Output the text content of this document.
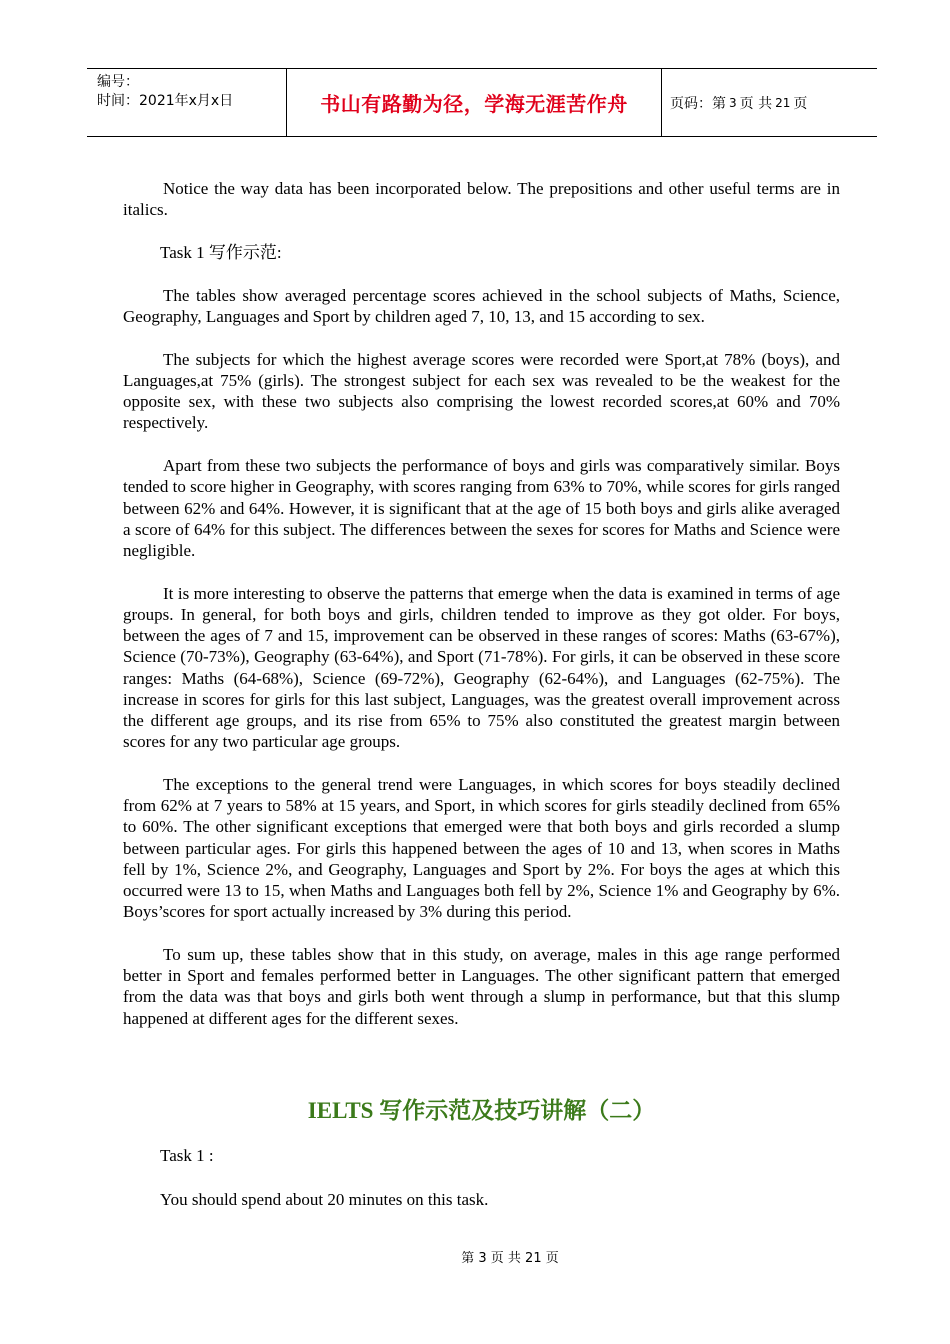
编号：
时间：2021年x月x日	书山有路勤为径，学海无涯苦作舟	页码：第 3 页 共 21 页

Notice the way data has been incorporated below. The prepositions and other useful terms are in italics.

Task 1 写作示范:

The tables show averaged percentage scores achieved in the school subjects of Maths, Science, Geography, Languages and Sport by children aged 7, 10, 13, and 15 according to sex.

The subjects for which the highest average scores were recorded were Sport,at 78% (boys), and Languages,at 75% (girls). The strongest subject for each sex was revealed to be the weakest for the opposite sex, with these two subjects also comprising the lowest recorded scores,at 60% and 70% respectively.

Apart from these two subjects the performance of boys and girls was comparatively similar. Boys tended to score higher in Geography, with scores ranging from 63% to 70%, while scores for girls ranged between 62% and 64%. However, it is significant that at the age of 15 both boys and girls alike averaged a score of 64% for this subject. The differences between the sexes for scores for Maths and Science were negligible.

It is more interesting to observe the patterns that emerge when the data is examined in terms of age groups. In general, for both boys and girls, children tended to improve as they got older. For boys, between the ages of 7 and 15, improvement can be observed in these ranges of scores: Maths (63-67%), Science (70-73%), Geography (63-64%), and Sport (71-78%). For girls, it can be observed in these score ranges: Maths (64-68%), Science (69-72%), Geography (62-64%), and Languages (62-75%). The increase in scores for girls for this last subject, Languages, was the greatest overall improvement across the different age groups, and its rise from 65% to 75% also constituted the greatest margin between scores for any two particular age groups.

The exceptions to the general trend were Languages, in which scores for boys steadily declined from 62% at 7 years to 58% at 15 years, and Sport, in which scores for girls steadily declined from 65% to 60%. The other significant exceptions that emerged were that both boys and girls recorded a slump between particular ages. For girls this happened between the ages of 10 and 13, when scores in Maths fell by 1%, Science 2%, and Geography, Languages and Sport by 2%. For boys the ages at which this occurred were 13 to 15, when Maths and Languages both fell by 2%, Science 1% and Geography by 6%. Boys’scores for sport actually increased by 3% during this period.

To sum up, these tables show that in this study, on average, males in this age range performed better in Sport and females performed better in Languages. The other significant pattern that emerged from the data was that boys and girls both went through a slump in performance, but that this slump happened at different ages for the different sexes.

IELTS 写作示范及技巧讲解（二）

Task 1 :

You should spend about 20 minutes on this task.

第 3 页 共 21 页
